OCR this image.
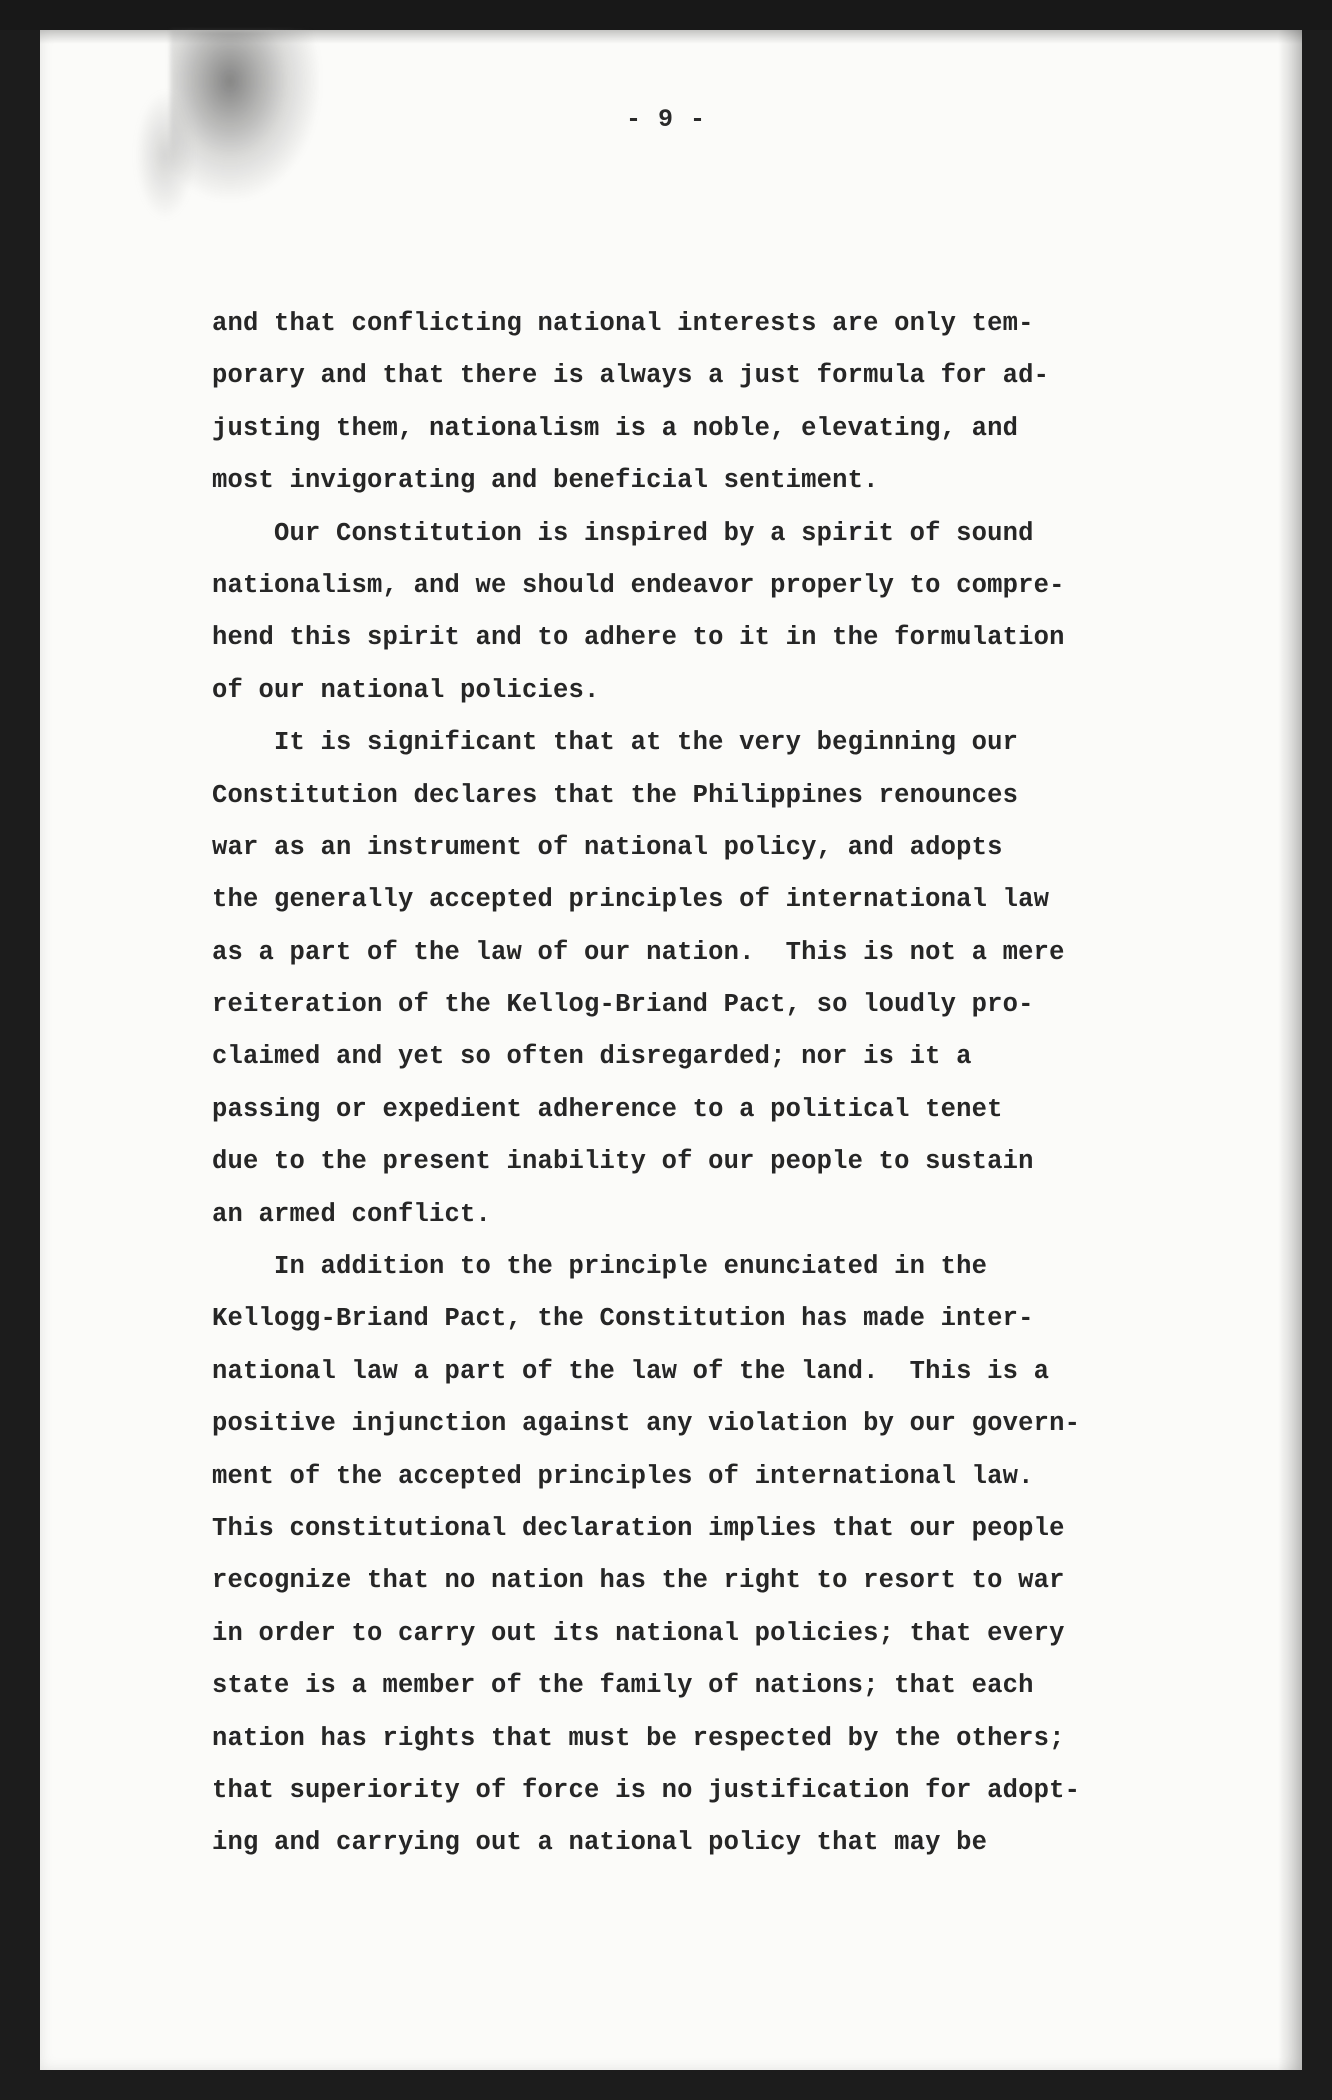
- 9 -
and that conflicting national interests are only tem-
porary and that there is always a just formula for ad-
justing them, nationalism is a noble, elevating, and
most invigorating and beneficial sentiment.
Our Constitution is inspired by a spirit of sound
nationalism, and we should endeavor properly to compre-
hend this spirit and to adhere to it in the formulation
of our national policies.
It is significant that at the very beginning our
Constitution declares that the Philippines renounces
war as an instrument of national policy, and adopts
the generally accepted principles of international law
as a part of the law of our nation.  This is not a mere
reiteration of the Kellog-Briand Pact, so loudly pro-
claimed and yet so often disregarded; nor is it a
passing or expedient adherence to a political tenet
due to the present inability of our people to sustain
an armed conflict.
In addition to the principle enunciated in the
Kellogg-Briand Pact, the Constitution has made inter-
national law a part of the law of the land.  This is a
positive injunction against any violation by our govern-
ment of the accepted principles of international law.
This constitutional declaration implies that our people
recognize that no nation has the right to resort to war
in order to carry out its national policies; that every
state is a member of the family of nations; that each
nation has rights that must be respected by the others;
that superiority of force is no justification for adopt-
ing and carrying out a national policy that may be
